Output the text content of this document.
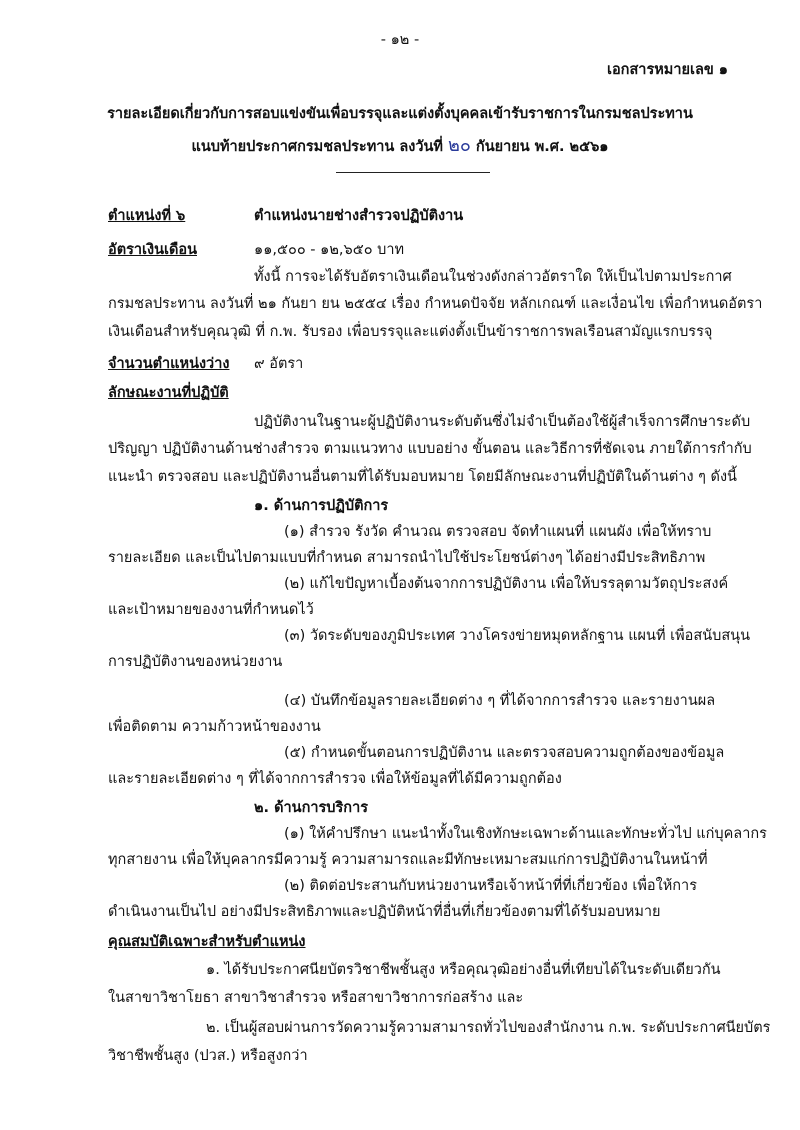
- ๑๒ -
เอกสารหมายเลข ๑
รายละเอียดเกี่ยวกับการสอบแข่งขันเพื่อบรรจุและแต่งตั้งบุคคลเข้ารับราชการในกรมชลประทาน
แนบท้ายประกาศกรมชลประทาน ลงวันที่ ๒๐ กันยายน พ.ศ. ๒๕๖๑
ตำแหน่งที่ ๖	ตำแหน่งนายช่างสำรวจปฏิบัติงาน
อัตราเงินเดือน	๑๑,๕๐๐ - ๑๒,๖๕๐ บาท
ทั้งนี้ การจะได้รับอัตราเงินเดือนในช่วงดังกล่าวอัตราใด ให้เป็นไปตามประกาศ
กรมชลประทาน ลงวันที่ ๒๑ กันยา ยน ๒๕๕๔ เรื่อง กำหนดปัจจัย หลักเกณฑ์ และเงื่อนไข เพื่อกำหนดอัตรา
เงินเดือนสำหรับคุณวุฒิ ที่ ก.พ. รับรอง เพื่อบรรจุและแต่งตั้งเป็นข้าราชการพลเรือนสามัญแรกบรรจุ
จำนวนตำแหน่งว่าง ๙ อัตรา
ลักษณะงานที่ปฏิบัติ
ปฏิบัติงานในฐานะผู้ปฏิบัติงานระดับต้นซึ่งไม่จำเป็นต้องใช้ผู้สำเร็จการศึกษาระดับ
ปริญญา ปฏิบัติงานด้านช่างสำรวจ ตามแนวทาง แบบอย่าง ขั้นตอน และวิธีการที่ชัดเจน ภายใต้การกำกับ
แนะนำ ตรวจสอบ และปฏิบัติงานอื่นตามที่ได้รับมอบหมาย โดยมีลักษณะงานที่ปฏิบัติในด้านต่าง ๆ ดังนี้
๑. ด้านการปฏิบัติการ
(๑) สำรวจ รังวัด คำนวณ ตรวจสอบ จัดทำแผนที่ แผนผัง เพื่อให้ทราบ
รายละเอียด และเป็นไปตามแบบที่กำหนด สามารถนำไปใช้ประโยชน์ต่างๆ ได้อย่างมีประสิทธิภาพ
(๒) แก้ไขปัญหาเบื้องต้นจากการปฏิบัติงาน เพื่อให้บรรลุตามวัตถุประสงค์
และเป้าหมายของงานที่กำหนดไว้
(๓) วัดระดับของภูมิประเทศ วางโครงข่ายหมุดหลักฐาน แผนที่ เพื่อสนับสนุน
การปฏิบัติงานของหน่วยงาน
(๔) บันทึกข้อมูลรายละเอียดต่าง ๆ ที่ได้จากการสำรวจ และรายงานผล
เพื่อติดตาม ความก้าวหน้าของงาน
(๕) กำหนดขั้นตอนการปฏิบัติงาน และตรวจสอบความถูกต้องของข้อมูล
และรายละเอียดต่าง ๆ ที่ได้จากการสำรวจ เพื่อให้ข้อมูลที่ได้มีความถูกต้อง
๒. ด้านการบริการ
(๑) ให้คำปรึกษา แนะนำทั้งในเชิงทักษะเฉพาะด้านและทักษะทั่วไป แก่บุคลากร
ทุกสายงาน เพื่อให้บุคลากรมีความรู้ ความสามารถและมีทักษะเหมาะสมแก่การปฏิบัติงานในหน้าที่
(๒) ติดต่อประสานกับหน่วยงานหรือเจ้าหน้าที่ที่เกี่ยวข้อง เพื่อให้การ
ดำเนินงานเป็นไป อย่างมีประสิทธิภาพและปฏิบัติหน้าที่อื่นที่เกี่ยวข้องตามที่ได้รับมอบหมาย
คุณสมบัติเฉพาะสำหรับตำแหน่ง
๑. ได้รับประกาศนียบัตรวิชาชีพชั้นสูง หรือคุณวุฒิอย่างอื่นที่เทียบได้ในระดับเดียวกัน
ในสาขาวิชาโยธา สาขาวิชาสำรวจ หรือสาขาวิชาการก่อสร้าง และ
๒. เป็นผู้สอบผ่านการวัดความรู้ความสามารถทั่วไปของสำนักงาน ก.พ. ระดับประกาศนียบัตร
วิชาชีพชั้นสูง (ปวส.) หรือสูงกว่า
